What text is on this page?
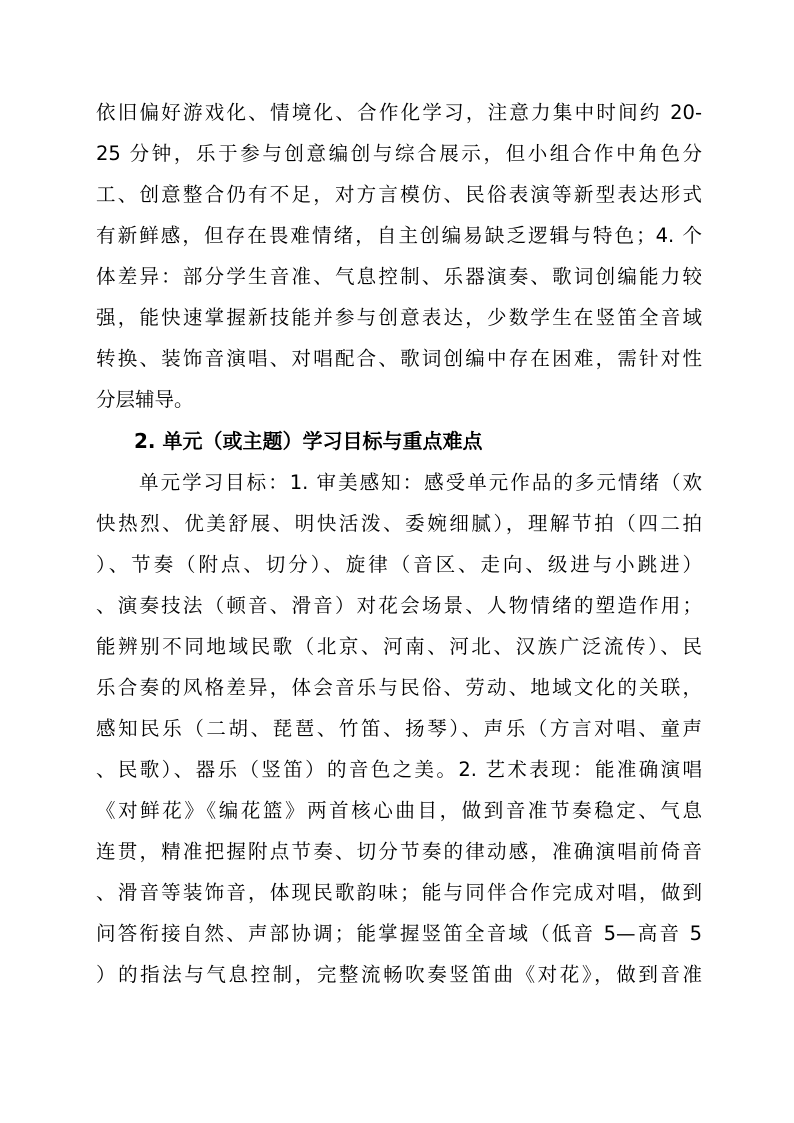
依旧偏好游戏化、情境化、合作化学习，注意力集中时间约 20-
25 分钟，乐于参与创意编创与综合展示，但小组合作中角色分
工、创意整合仍有不足，对方言模仿、民俗表演等新型表达形式
有新鲜感，但存在畏难情绪，自主创编易缺乏逻辑与特色；4. 个
体差异：部分学生音准、气息控制、乐器演奏、歌词创编能力较
强，能快速掌握新技能并参与创意表达，少数学生在竖笛全音域
转换、装饰音演唱、对唱配合、歌词创编中存在困难，需针对性
分层辅导。
2. 单元（或主题）学习目标与重点难点
　　单元学习目标：1. 审美感知：感受单元作品的多元情绪（欢
快热烈、优美舒展、明快活泼、委婉细腻），理解节拍（四二拍
）、节奏（附点、切分）、旋律（音区、走向、级进与小跳进）
、演奏技法（顿音、滑音）对花会场景、人物情绪的塑造作用；
能辨别不同地域民歌（北京、河南、河北、汉族广泛流传）、民
乐合奏的风格差异，体会音乐与民俗、劳动、地域文化的关联，
感知民乐（二胡、琵琶、竹笛、扬琴）、声乐（方言对唱、童声
、民歌）、器乐（竖笛）的音色之美。2. 艺术表现：能准确演唱
《对鲜花》《编花篮》两首核心曲目，做到音准节奏稳定、气息
连贯，精准把握附点节奏、切分节奏的律动感，准确演唱前倚音
、滑音等装饰音，体现民歌韵味；能与同伴合作完成对唱，做到
问答衔接自然、声部协调；能掌握竖笛全音域（低音 5—高音 5
）的指法与气息控制，完整流畅吹奏竖笛曲《对花》，做到音准
